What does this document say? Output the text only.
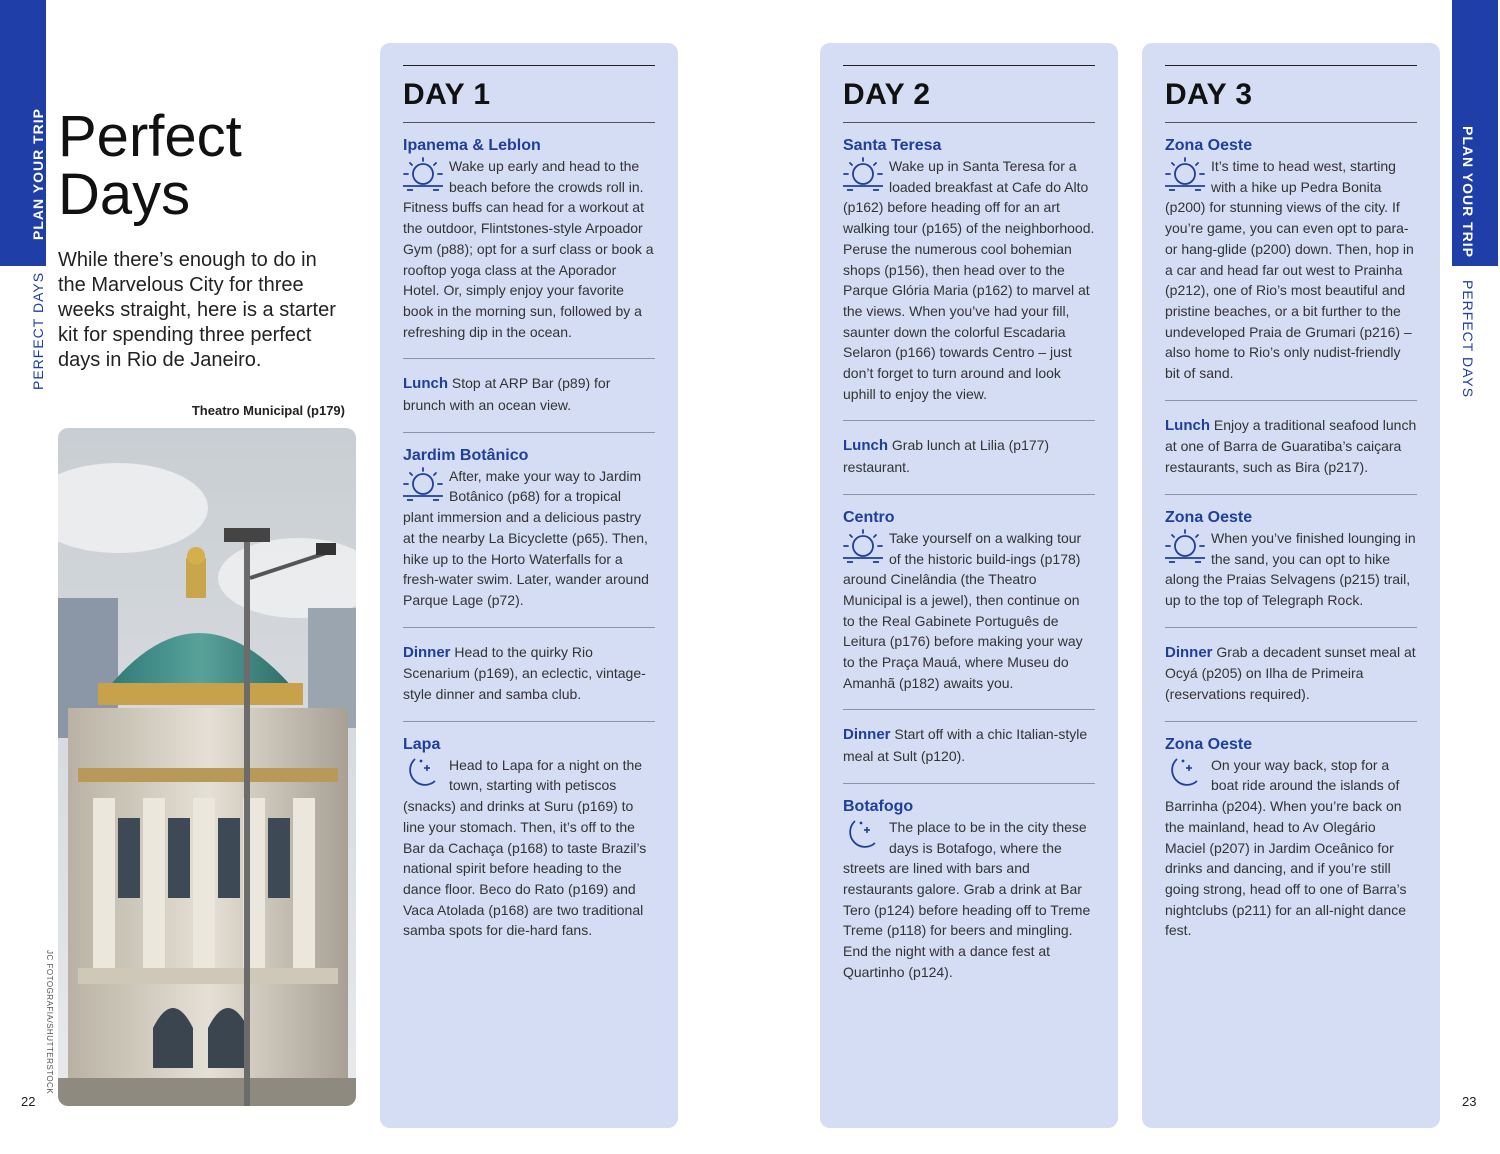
PLAN YOUR TRIP
PERFECT DAYS
PLAN YOUR TRIP
PERFECT DAYS
Perfect
Days

While there’s enough to do in the Marvelous City for three weeks straight, here is a starter kit for spending three perfect days in Rio de Janeiro.

Theatro Municipal (p179)
JC FOTOGRAFIA/SHUTTERSTOCK
22	23
DAY 1
Ipanema & Leblon

Wake up early and head to the beach before the crowds roll in. Fitness buffs can head for a workout at the outdoor, Flintstones-style Arpoador Gym (p88); opt for a surf class or book a rooftop yoga class at the Aporador Hotel. Or, simply enjoy your favorite book in the morning sun, followed by a refreshing dip in the ocean.

Lunch Stop at ARP Bar (p89) for brunch with an ocean view.

Jardim Botânico

After, make your way to Jardim Botânico (p68) for a tropical plant immersion and a delicious pastry at the nearby La Bicyclette (p65). Then, hike up to the Horto Waterfalls for a fresh-water swim. Later, wander around Parque Lage (p72).

Dinner Head to the quirky Rio Scenarium (p169), an eclectic, vintage-style dinner and samba club.

Lapa

Head to Lapa for a night on the town, starting with petiscos (snacks) and drinks at Suru (p169) to line your stomach. Then, it’s off to the Bar da Cachaça (p168) to taste Brazil’s national spirit before heading to the dance floor. Beco do Rato (p169) and Vaca Atolada (p168) are two traditional samba spots for die-hard fans.

DAY 2
Santa Teresa

Wake up in Santa Teresa for a loaded breakfast at Cafe do Alto (p162) before heading off for an art walking tour (p165) of the neighborhood. Peruse the numerous cool bohemian shops (p156), then head over to the Parque Glória Maria (p162) to marvel at the views. When you’ve had your fill, saunter down the colorful Escadaria Selaron (p166) towards Centro – just don’t forget to turn around and look uphill to enjoy the view.

Lunch Grab lunch at Lilia (p177) restaurant.

Centro

Take yourself on a walking tour of the historic build-ings (p178) around Cinelândia (the Theatro Municipal is a jewel), then continue on to the Real Gabinete Português de Leitura (p176) before making your way to the Praça Mauá, where Museu do Amanhã (p182) awaits you.

Dinner Start off with a chic Italian-style meal at Sult (p120).

Botafogo

The place to be in the city these days is Botafogo, where the streets are lined with bars and restaurants galore. Grab a drink at Bar Tero (p124) before heading off to Treme Treme (p118) for beers and mingling. End the night with a dance fest at Quartinho (p124).

DAY 3
Zona Oeste

It’s time to head west, starting with a hike up Pedra Bonita (p200) for stunning views of the city. If you’re game, you can even opt to para- or hang-glide (p200) down. Then, hop in a car and head far out west to Prainha (p212), one of Rio’s most beautiful and pristine beaches, or a bit further to the undeveloped Praia de Grumari (p216) – also home to Rio’s only nudist-friendly bit of sand.

Lunch Enjoy a traditional seafood lunch at one of Barra de Guaratiba’s caiçara restaurants, such as Bira (p217).

Zona Oeste

When you’ve finished lounging in the sand, you can opt to hike along the Praias Selvagens (p215) trail, up to the top of Telegraph Rock.

Dinner Grab a decadent sunset meal at Ocyá (p205) on Ilha de Primeira (reservations required).

Zona Oeste

On your way back, stop for a boat ride around the islands of Barrinha (p204). When you’re back on the mainland, head to Av Olegário Maciel (p207) in Jardim Oceânico for drinks and dancing, and if you’re still going strong, head off to one of Barra’s nightclubs (p211) for an all-night dance fest.
